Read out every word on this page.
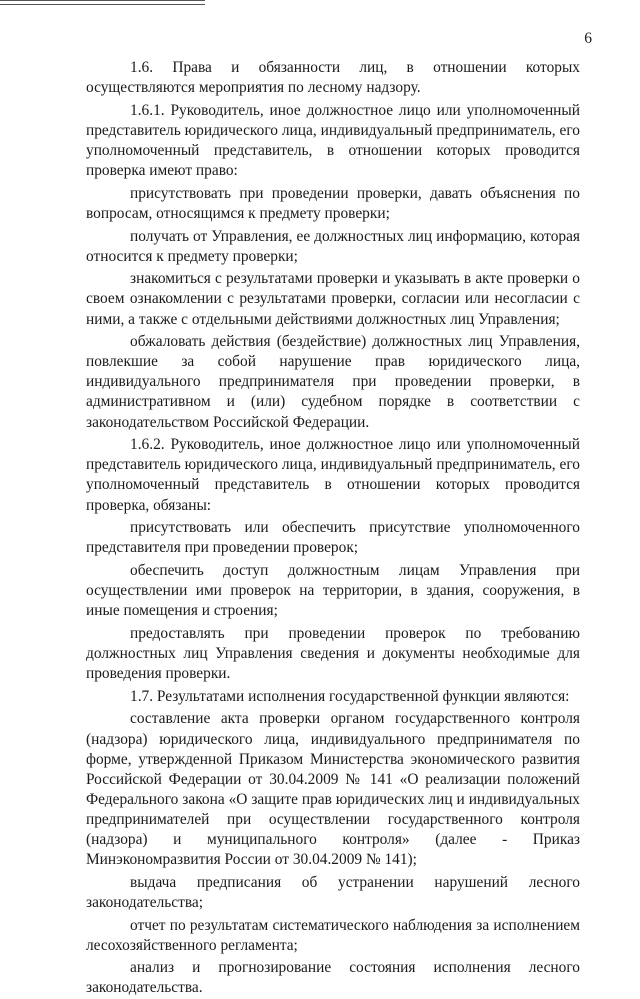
6

1.6. Права и обязанности лиц, в отношении которых осуществляются мероприятия по лесному надзору.

1.6.1. Руководитель, иное должностное лицо или уполномоченный представитель юридического лица, индивидуальный предприниматель, его уполномоченный представитель, в отношении которых проводится проверка имеют право:

присутствовать при проведении проверки, давать объяснения по вопросам, относящимся к предмету проверки;

получать от Управления, ее должностных лиц информацию, которая относится к предмету проверки;

знакомиться с результатами проверки и указывать в акте проверки о своем ознакомлении с результатами проверки, согласии или несогласии с ними, а также с отдельными действиями должностных лиц Управления;

обжаловать действия (бездействие) должностных лиц Управления, повлекшие за собой нарушение прав юридического лица, индивидуального предпринимателя при проведении проверки, в административном и (или) судебном порядке в соответствии с законодательством Российской Федерации.

1.6.2. Руководитель, иное должностное лицо или уполномоченный представитель юридического лица, индивидуальный предприниматель, его уполномоченный представитель в отношении которых проводится проверка, обязаны:

присутствовать или обеспечить присутствие уполномоченного представителя при проведении проверок;

обеспечить доступ должностным лицам Управления при осуществлении ими проверок на территории, в здания, сооружения, в иные помещения и строения;

предоставлять при проведении проверок по требованию должностных лиц Управления сведения и документы необходимые для проведения проверки.

1.7. Результатами исполнения государственной функции являются:

составление акта проверки органом государственного контроля (надзора) юридического лица, индивидуального предпринимателя по форме, утвержденной Приказом Министерства экономического развития Российской Федерации от 30.04.2009 № 141 «О реализации положений Федерального закона «О защите прав юридических лиц и индивидуальных предпринимателей при осуществлении государственного контроля (надзора) и муниципального контроля» (далее - Приказ Минэкономразвития России от 30.04.2009 № 141);

выдача предписания об устранении нарушений лесного законодательства;

отчет по результатам систематического наблюдения за исполнением лесохозяйственного регламента;

анализ и прогнозирование состояния исполнения лесного законодательства.
